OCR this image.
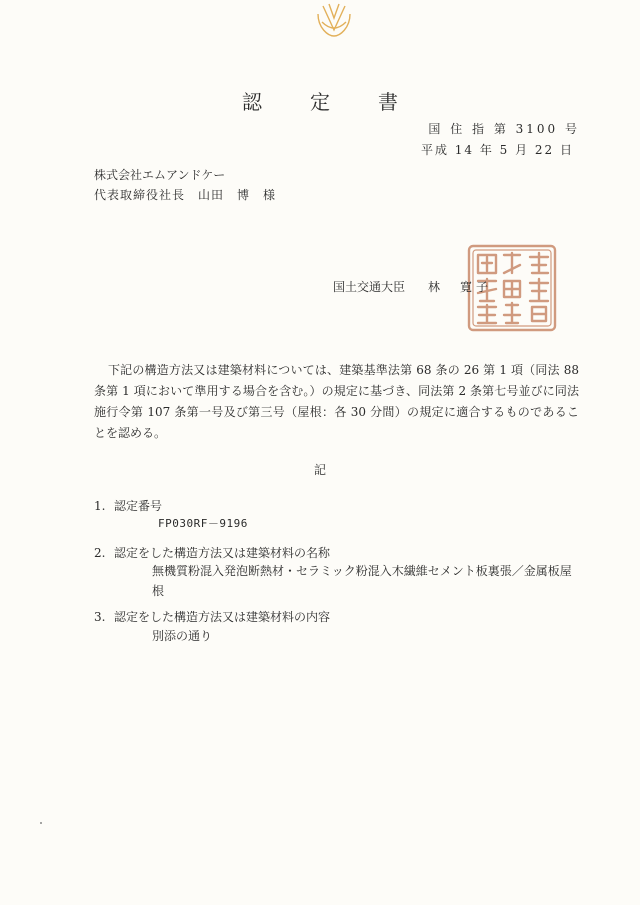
認　定　書
国 住 指 第 3100 号
平成 14 年 5 月 22 日
株式会社エムアンドケー
代表取締役社長　山田　博　様
国土交通大臣 林　寛子
下記の構造方法又は建築材料については、建築基準法第 68 条の 26 第 1 項（同法 88 条第 1 項において準用する場合を含む。）の規定に基づき、同法第 2 条第七号並びに同法施行令第 107 条第一号及び第三号（屋根：各 30 分間）の規定に適合するものであることを認める。
記
1. 認定番号
FP030RF－9196
2. 認定をした構造方法又は建築材料の名称
無機質粉混入発泡断熱材・セラミック粉混入木繊維セメント板裏張／金属板屋根
3. 認定をした構造方法又は建築材料の内容
別添の通り
